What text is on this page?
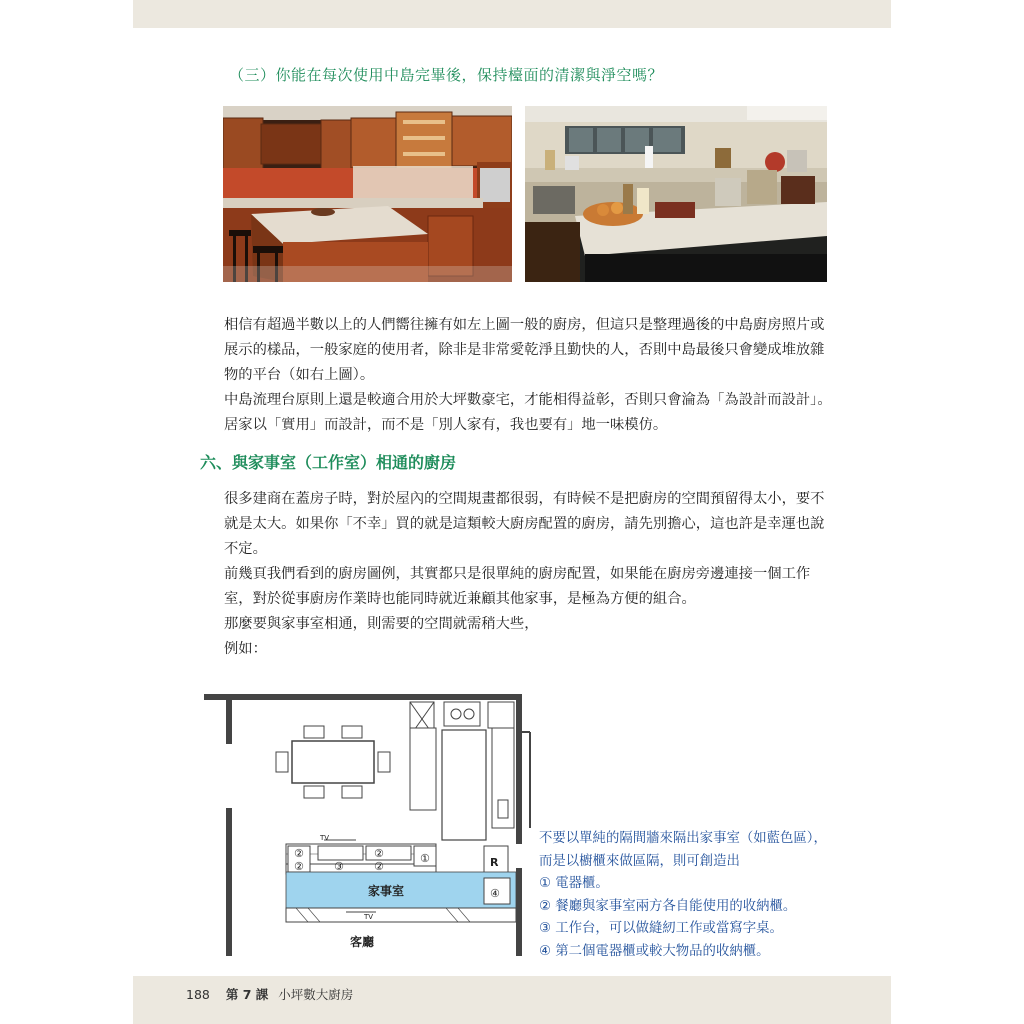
（三）你能在每次使用中島完畢後，保持檯面的清潔與淨空嗎？

相信有超過半數以上的人們嚮往擁有如左上圖一般的廚房，但這只是整理過後的中島廚房照片或展示的樣品，一般家庭的使用者，除非是非常愛乾淨且勤快的人，否則中島最後只會變成堆放雜物的平台（如右上圖）。

中島流理台原則上還是較適合用於大坪數豪宅，才能相得益彰，否則只會淪為「為設計而設計」。居家以「實用」而設計，而不是「別人家有，我也要有」地一味模仿。

六、與家事室（工作室）相通的廚房

很多建商在蓋房子時，對於屋內的空間規畫都很弱，有時候不是把廚房的空間預留得太小，要不就是太大。如果你「不幸」買的就是這類較大廚房配置的廚房，請先別擔心，這也許是幸運也說不定。

前幾頁我們看到的廚房圖例，其實都只是很單純的廚房配置，如果能在廚房旁邊連接一個工作室，對於從事廚房作業時也能同時就近兼顧其他家事，是極為方便的組合。

那麼要與家事室相通，則需要的空間就需稍大些，

例如：

②
②	③
②
②
①
④
R
TV
TV
家事室
客廳
不要以單純的隔間牆來隔出家事室（如藍色區），而是以櫥櫃來做區隔，則可創造出
① 電器櫃。
② 餐廳與家事室兩方各自能使用的收納櫃。
③ 工作台，可以做縫紉工作或當寫字桌。
④ 第二個電器櫃或較大物品的收納櫃。
188 第 7 課 小坪數大廚房
